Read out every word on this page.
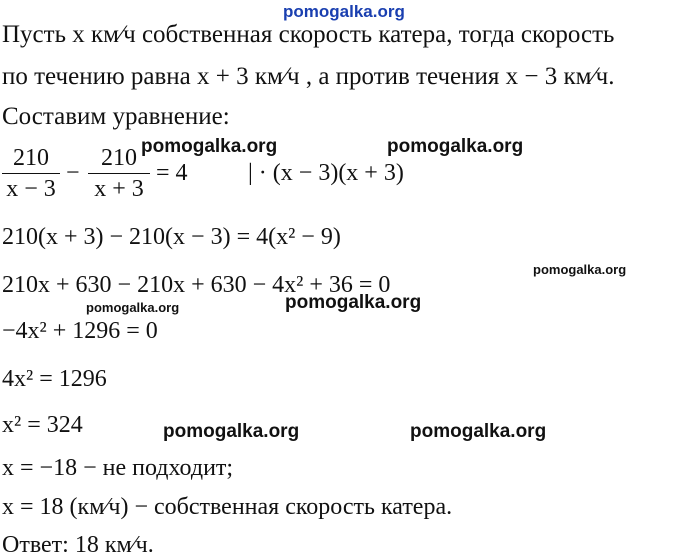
pomogalka.org
Пусть x км⁄ч собственная скорость катера, тогда скорость
по течению равна x + 3 км⁄ч , а против течения x − 3 км⁄ч.
Составим уравнение:
210
x − 3
−
210
x + 3
= 4	| · (x − 3)(x + 3)
210(x + 3) − 210(x − 3) = 4(x² − 9)
210x + 630 − 210x + 630 − 4x² + 36 = 0
−4x² + 1296 = 0
4x² = 1296
x² = 324
x = −18 − не подходит;
x = 18 (км⁄ч) − собственная скорость катера.
Ответ: 18 км⁄ч.
pomogalka.org	pomogalka.org
pomogalka.org
pomogalka.org
pomogalka.org
pomogalka.org	pomogalka.org
